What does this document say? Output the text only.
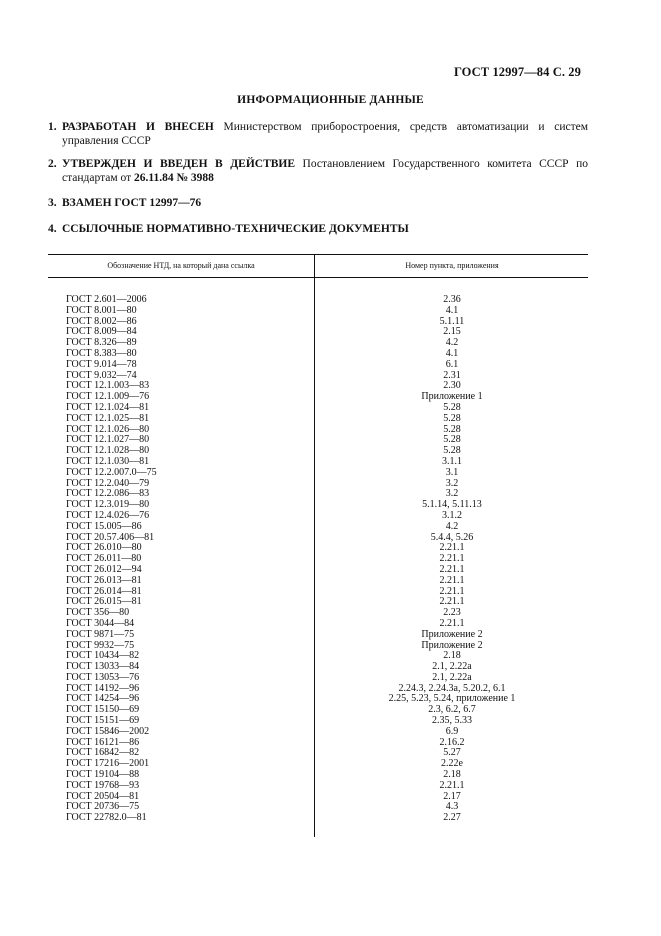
ГОСТ 12997—84 С. 29
ИНФОРМАЦИОННЫЕ ДАННЫЕ
1. РАЗРАБОТАН И ВНЕСЕН Министерством приборостроения, средств автоматизации и систем управления СССР
2. УТВЕРЖДЕН И ВВЕДЕН В ДЕЙСТВИЕ Постановлением Государственного комитета СССР по стандартам от 26.11.84 № 3988
3. ВЗАМЕН ГОСТ 12997—76
4. ССЫЛОЧНЫЕ НОРМАТИВНО-ТЕХНИЧЕСКИЕ ДОКУМЕНТЫ
Обозначение НТД, на который дана ссылка	Номер пункта, приложения
ГОСТ 2.601—2006	2.36
ГОСТ 8.001—80	4.1
ГОСТ 8.002—86	5.1.11
ГОСТ 8.009—84	2.15
ГОСТ 8.326—89	4.2
ГОСТ 8.383—80	4.1
ГОСТ 9.014—78	6.1
ГОСТ 9.032—74	2.31
ГОСТ 12.1.003—83	2.30
ГОСТ 12.1.009—76	Приложение 1
ГОСТ 12.1.024—81	5.28
ГОСТ 12.1.025—81	5.28
ГОСТ 12.1.026—80	5.28
ГОСТ 12.1.027—80	5.28
ГОСТ 12.1.028—80	5.28
ГОСТ 12.1.030—81	3.1.1
ГОСТ 12.2.007.0—75	3.1
ГОСТ 12.2.040—79	3.2
ГОСТ 12.2.086—83	3.2
ГОСТ 12.3.019—80	5.1.14, 5.11.13
ГОСТ 12.4.026—76	3.1.2
ГОСТ 15.005—86	4.2
ГОСТ 20.57.406—81	5.4.4, 5.26
ГОСТ 26.010—80	2.21.1
ГОСТ 26.011—80	2.21.1
ГОСТ 26.012—94	2.21.1
ГОСТ 26.013—81	2.21.1
ГОСТ 26.014—81	2.21.1
ГОСТ 26.015—81	2.21.1
ГОСТ 356—80	2.23
ГОСТ 3044—84	2.21.1
ГОСТ 9871—75	Приложение 2
ГОСТ 9932—75	Приложение 2
ГОСТ 10434—82	2.18
ГОСТ 13033—84	2.1, 2.22а
ГОСТ 13053—76	2.1, 2.22а
ГОСТ 14192—96	2.24.3, 2.24.3а, 5.20.2, 6.1
ГОСТ 14254—96	2.25, 5.23, 5.24, приложение 1
ГОСТ 15150—69	2.3, 6.2, 6.7
ГОСТ 15151—69	2.35, 5.33
ГОСТ 15846—2002	6.9
ГОСТ 16121—86	2.16.2
ГОСТ 16842—82	5.27
ГОСТ 17216—2001	2.22е
ГОСТ 19104—88	2.18
ГОСТ 19768—93	2.21.1
ГОСТ 20504—81	2.17
ГОСТ 20736—75	4.3
ГОСТ 22782.0—81	2.27
